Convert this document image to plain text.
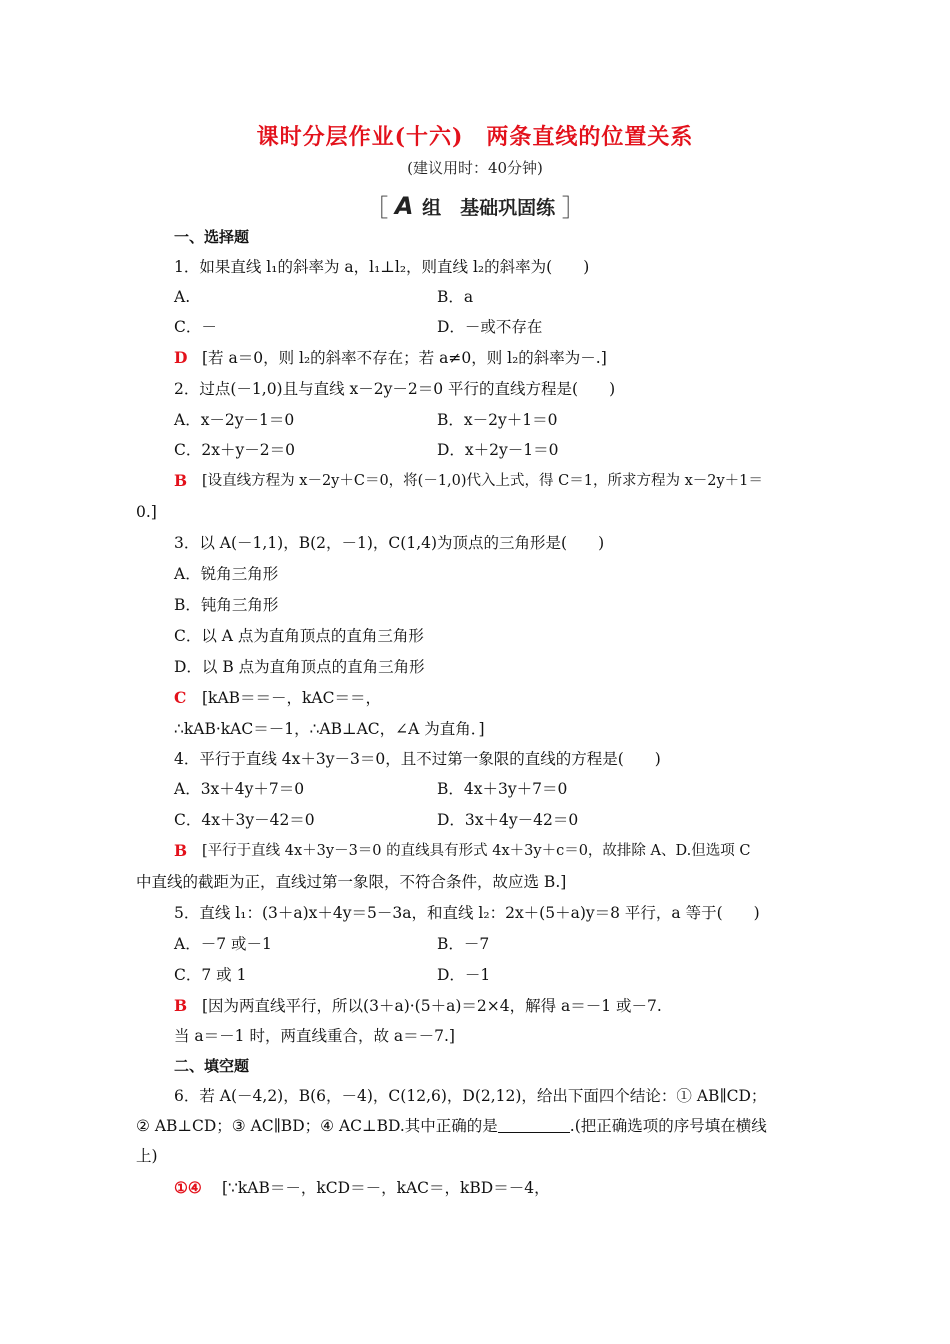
课时分层作业(十六)　两条直线的位置关系
(建议用时：40分钟)
［ A 组　基础巩固练 ］
一、选择题
1．如果直线 l₁的斜率为 a，l₁⊥l₂，则直线 l₂的斜率为(　　)
A.	B．a
C．－	D．－或不存在
D [若 a＝0，则 l₂的斜率不存在；若 a≠0，则 l₂的斜率为－.]
2．过点(－1,0)且与直线 x－2y－2＝0 平行的直线方程是(　　)
A．x－2y－1＝0	B．x－2y＋1＝0
C．2x＋y－2＝0	D．x＋2y－1＝0
B [设直线方程为 x－2y＋C＝0，将(－1,0)代入上式，得 C＝1，所求方程为 x－2y＋1＝
0.]
3．以 A(－1,1)，B(2，－1)，C(1,4)为顶点的三角形是(　　)
A．锐角三角形
B．钝角三角形
C．以 A 点为直角顶点的直角三角形
D．以 B 点为直角顶点的直角三角形
C [kAB＝＝－，kAC＝＝，
∴kAB·kAC＝－1，∴AB⊥AC，∠A 为直角．]
4．平行于直线 4x＋3y－3＝0，且不过第一象限的直线的方程是(　　)
A．3x＋4y＋7＝0	B．4x＋3y＋7＝0
C．4x＋3y－42＝0	D．3x＋4y－42＝0
B [平行于直线 4x＋3y－3＝0 的直线具有形式 4x＋3y＋c＝0，故排除 A、D.但选项 C
中直线的截距为正，直线过第一象限，不符合条件，故应选 B.]
5．直线 l₁：(3＋a)x＋4y＝5－3a，和直线 l₂：2x＋(5＋a)y＝8 平行，a 等于(　　)
A．－7 或－1	B．－7
C．7 或 1	D．－1
B [因为两直线平行，所以(3＋a)·(5＋a)＝2×4，解得 a＝－1 或－7.
当 a＝－1 时，两直线重合，故 a＝－7.]
二、填空题
6．若 A(－4,2)，B(6，－4)，C(12,6)，D(2,12)，给出下面四个结论：① AB∥CD；
② AB⊥CD；③ AC∥BD；④ AC⊥BD.其中正确的是	.(把正确选项的序号填在横线
上)
①④ [∵kAB＝－，kCD＝－，kAC＝，kBD＝－4，
